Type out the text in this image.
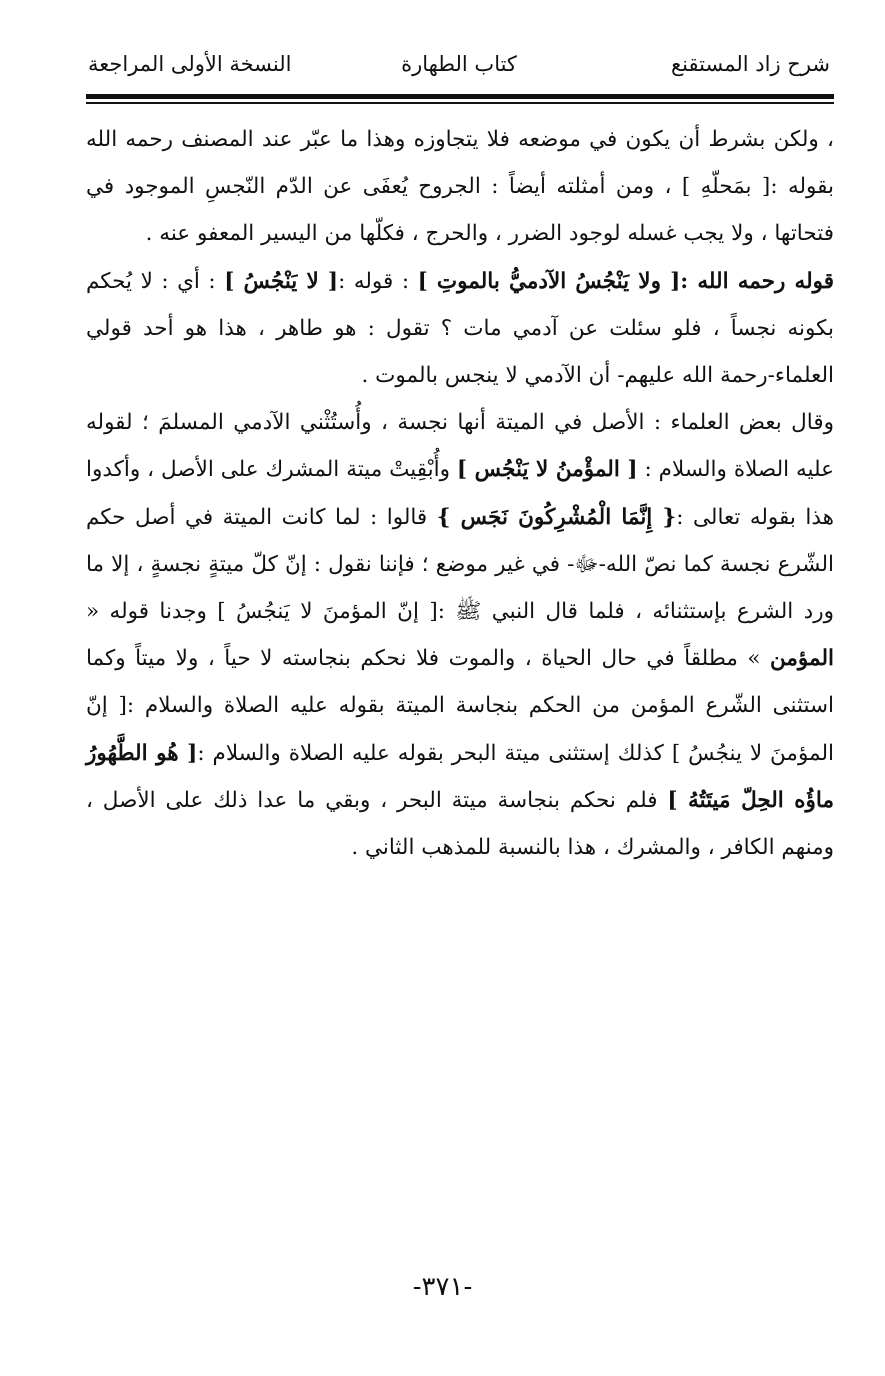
شرح زاد المستقنع
كتاب الطهارة
النسخة الأولى المراجعة

، ولكن بشرط أن يكون في موضعه فلا يتجاوزه وهذا ما عبّر عند المصنف رحمه الله بقوله :[ بمَحلّهِ ] ، ومن أمثلته أيضاً : الجروح يُعفَى عن الدّم النّجسِ الموجود في فتحاتها ، ولا يجب غسله لوجود الضرر ، والحرج ، فكلّها من اليسير المعفو عنه .

قوله رحمه الله :[ ولا يَنْجُسُ الآدميُّ بالموتِ ] : قوله :[ لا يَنْجُسُ ] : أي : لا يُحكم بكونه نجساً ، فلو سئلت عن آدمي مات ؟ تقول : هو طاهر ، هذا هو أحد قولي العلماء-رحمة الله عليهم- أن الآدمي لا ينجس بالموت .

وقال بعض العلماء : الأصل في الميتة أنها نجسة ، وأُستُثْني الآدمي المسلمَ ؛ لقوله عليه الصلاة والسلام : [ المؤْمنُ لا يَنْجُس ] وأُبْقِيتْ ميتة المشرك على الأصل ، وأكدوا هذا بقوله تعالى :{ إِنَّمَا الْمُشْرِكُونَ نَجَس } قالوا : لما كانت الميتة في أصل حكم الشّرع نجسة كما نصّ الله-ﷻ- في غير موضع ؛ فإننا نقول : إنّ كلّ ميتةٍ نجسةٍ ، إلا ما ورد الشرع بإستثنائه ، فلما قال النبي ﷺ :[ إنّ المؤمنَ لا يَنجُسُ ] وجدنا قوله « المؤمن » مطلقاً في حال الحياة ، والموت فلا نحكم بنجاسته لا حياً ، ولا ميتاً وكما استثنى الشّرع المؤمن من الحكم بنجاسة الميتة بقوله عليه الصلاة والسلام :[ إنّ المؤمنَ لا ينجُسُ ] كذلك إستثنى ميتة البحر بقوله عليه الصلاة والسلام :[ هُو الطَّهُورُ ماؤُه الحِلّ مَيتَتُهُ ] فلم نحكم بنجاسة ميتة البحر ، وبقي ما عدا ذلك على الأصل ، ومنهم الكافر ، والمشرك ، هذا بالنسبة للمذهب الثاني .

-٣٧١-
